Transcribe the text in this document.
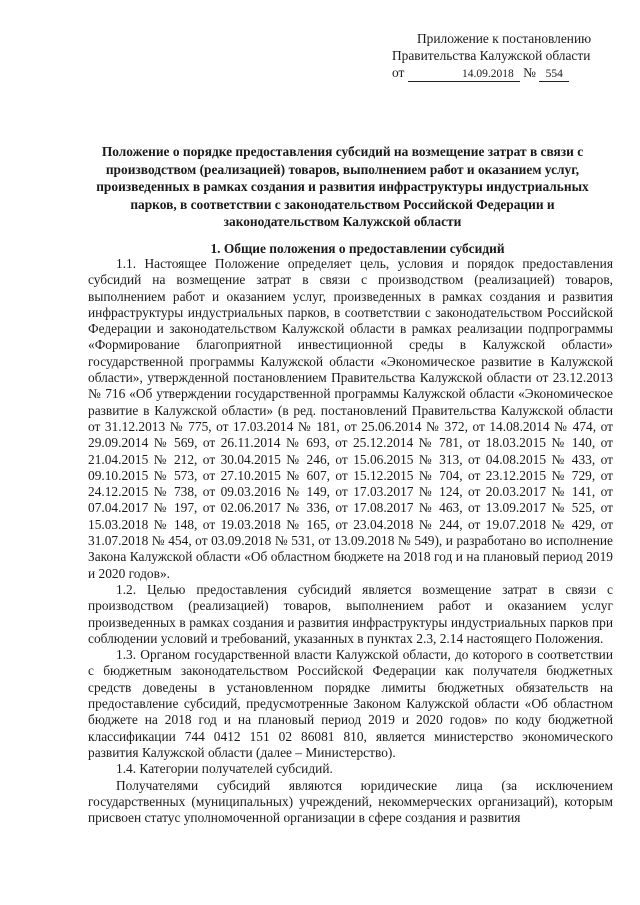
Приложение к постановлению
Правительства Калужской области
от	14.09.2018 № 554
Положение о порядке предоставления субсидий на возмещение затрат в связи с
производством (реализацией) товаров, выполнением работ и оказанием услуг,
произведенных в рамках создания и развития инфраструктуры индустриальных
парков, в соответствии с законодательством Российской Федерации и
законодательством Калужской области
1. Общие положения о предоставлении субсидий

1.1. Настоящее Положение определяет цель, условия и порядок предоставления субсидий на возмещение затрат в связи с производством (реализацией) товаров, выполнением работ и оказанием услуг, произведенных в рамках создания и развития инфраструктуры индустриальных парков, в соответствии с законодательством Российской Федерации и законодательством Калужской области в рамках реализации подпрограммы «Формирование благоприятной инвестиционной среды в Калужской области» государственной программы Калужской области «Экономическое развитие в Калужской области», утвержденной постановлением Правительства Калужской области от 23.12.2013 № 716 «Об утверждении государственной программы Калужской области «Экономическое развитие в Калужской области» (в ред. постановлений Правительства Калужской области от 31.12.2013 № 775, от 17.03.2014 № 181, от 25.06.2014 № 372, от 14.08.2014 № 474, от 29.09.2014 № 569, от 26.11.2014 № 693, от 25.12.2014 № 781, от 18.03.2015 № 140, от 21.04.2015 № 212, от 30.04.2015 № 246, от 15.06.2015 № 313, от 04.08.2015 № 433, от 09.10.2015 № 573, от 27.10.2015 № 607, от 15.12.2015 № 704, от 23.12.2015 № 729, от 24.12.2015 № 738, от 09.03.2016 № 149, от 17.03.2017 № 124, от 20.03.2017 № 141, от 07.04.2017 № 197, от 02.06.2017 № 336, от 17.08.2017 № 463, от 13.09.2017 № 525, от 15.03.2018 № 148, от 19.03.2018 № 165, от 23.04.2018 № 244, от 19.07.2018 № 429, от 31.07.2018 № 454, от 03.09.2018 № 531, от 13.09.2018 № 549), и разработано во исполнение Закона Калужской области «Об областном бюджете на 2018 год и на плановый период 2019 и 2020 годов».

1.2. Целью предоставления субсидий является возмещение затрат в связи с производством (реализацией) товаров, выполнением работ и оказанием услуг произведенных в рамках создания и развития инфраструктуры индустриальных парков при соблюдении условий и требований, указанных в пунктах 2.3, 2.14 настоящего Положения.

1.3. Органом государственной власти Калужской области, до которого в соответствии с бюджетным законодательством Российской Федерации как получателя бюджетных средств доведены в установленном порядке лимиты бюджетных обязательств на предоставление субсидий, предусмотренные Законом Калужской области «Об областном бюджете на 2018 год и на плановый период 2019 и 2020 годов» по коду бюджетной классификации 744 0412 151 02 86081 810, является министерство экономического развития Калужской области (далее – Министерство).

1.4. Категории получателей субсидий.

Получателями субсидий являются юридические лица (за исключением государственных (муниципальных) учреждений, некоммерческих организаций), которым присвоен статус уполномоченной организации в сфере создания и развития
